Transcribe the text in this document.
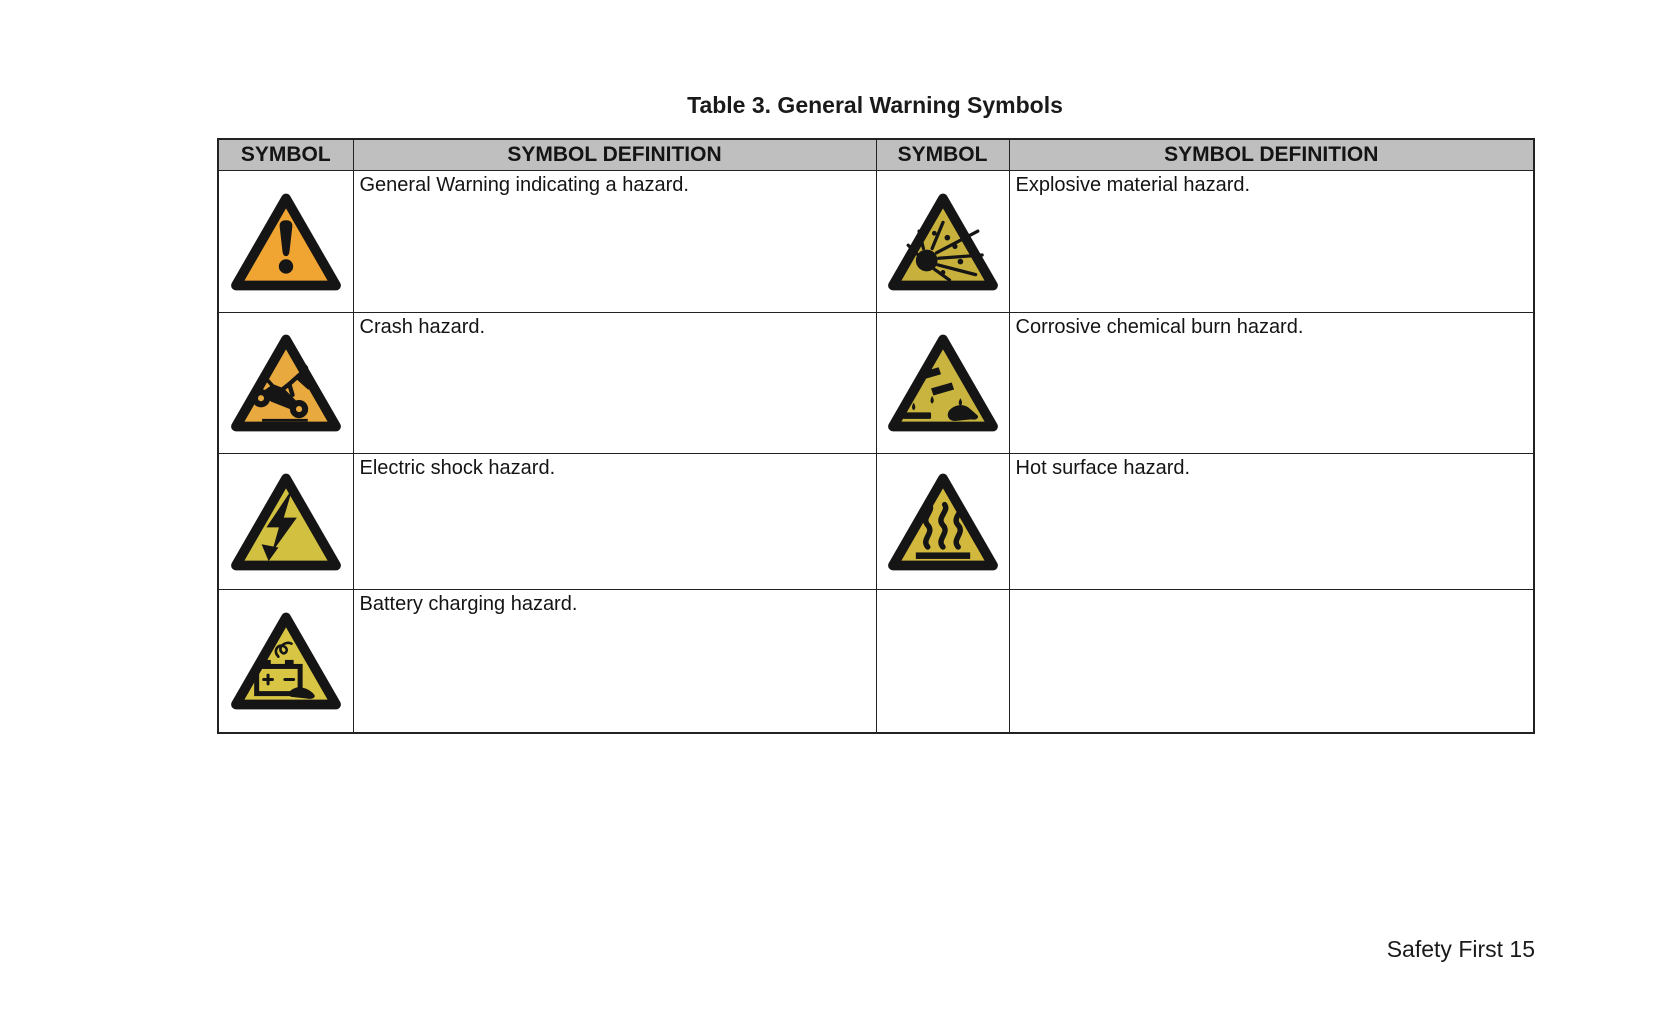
Table 3. General Warning Symbols
SYMBOL	SYMBOL DEFINITION	SYMBOL	SYMBOL DEFINITION

	General Warning indicating a hazard.		Explosive material hazard.

	Crash hazard.		Corrosive chemical burn hazard.

	Electric shock hazard.		Hot surface hazard.

	Battery charging hazard.		
Safety First 15
